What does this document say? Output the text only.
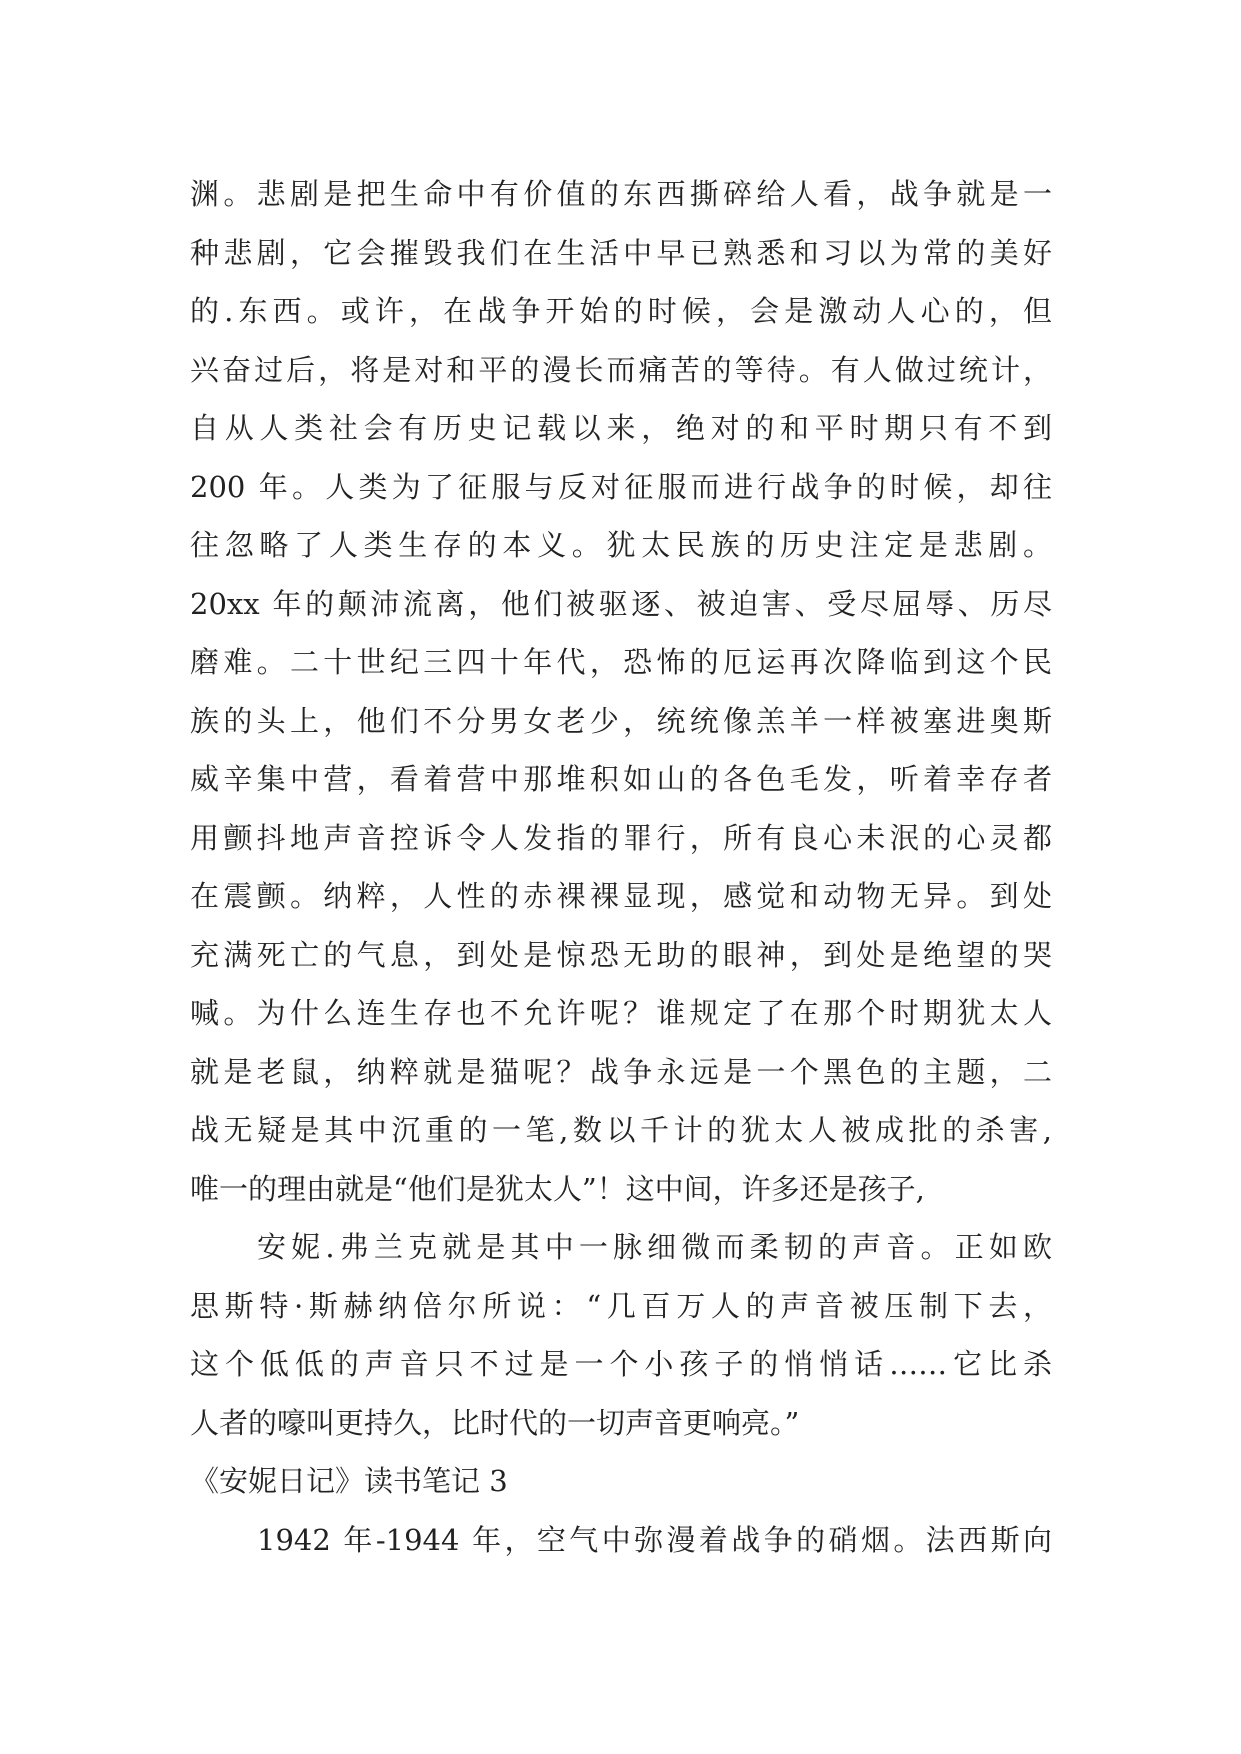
渊。悲剧是把生命中有价值的东西撕碎给人看，战争就是一
种悲剧，它会摧毁我们在生活中早已熟悉和习以为常的美好
的.东西。或许，在战争开始的时候，会是激动人心的，但
兴奋过后，将是对和平的漫长而痛苦的等待。有人做过统计，
自从人类社会有历史记载以来，绝对的和平时期只有不到
200 年。人类为了征服与反对征服而进行战争的时候，却往
往忽略了人类生存的本义。犹太民族的历史注定是悲剧。
20xx 年的颠沛流离，他们被驱逐、被迫害、受尽屈辱、历尽
磨难。二十世纪三四十年代，恐怖的厄运再次降临到这个民
族的头上，他们不分男女老少，统统像羔羊一样被塞进奥斯
威辛集中营，看着营中那堆积如山的各色毛发，听着幸存者
用颤抖地声音控诉令人发指的罪行，所有良心未泯的心灵都
在震颤。纳粹，人性的赤裸裸显现，感觉和动物无异。到处
充满死亡的气息，到处是惊恐无助的眼神，到处是绝望的哭
喊。为什么连生存也不允许呢？谁规定了在那个时期犹太人
就是老鼠，纳粹就是猫呢？战争永远是一个黑色的主题，二
战无疑是其中沉重的一笔,数以千计的犹太人被成批的杀害,
唯一的理由就是“他们是犹太人”！这中间，许多还是孩子,
安妮.弗兰克就是其中一脉细微而柔韧的声音。正如欧
思斯特·斯赫纳倍尔所说：“几百万人的声音被压制下去，
这个低低的声音只不过是一个小孩子的悄悄话……它比杀
人者的嚎叫更持久，比时代的一切声音更响亮。”
《安妮日记》读书笔记 3
1942 年-1944 年，空气中弥漫着战争的硝烟。法西斯向
